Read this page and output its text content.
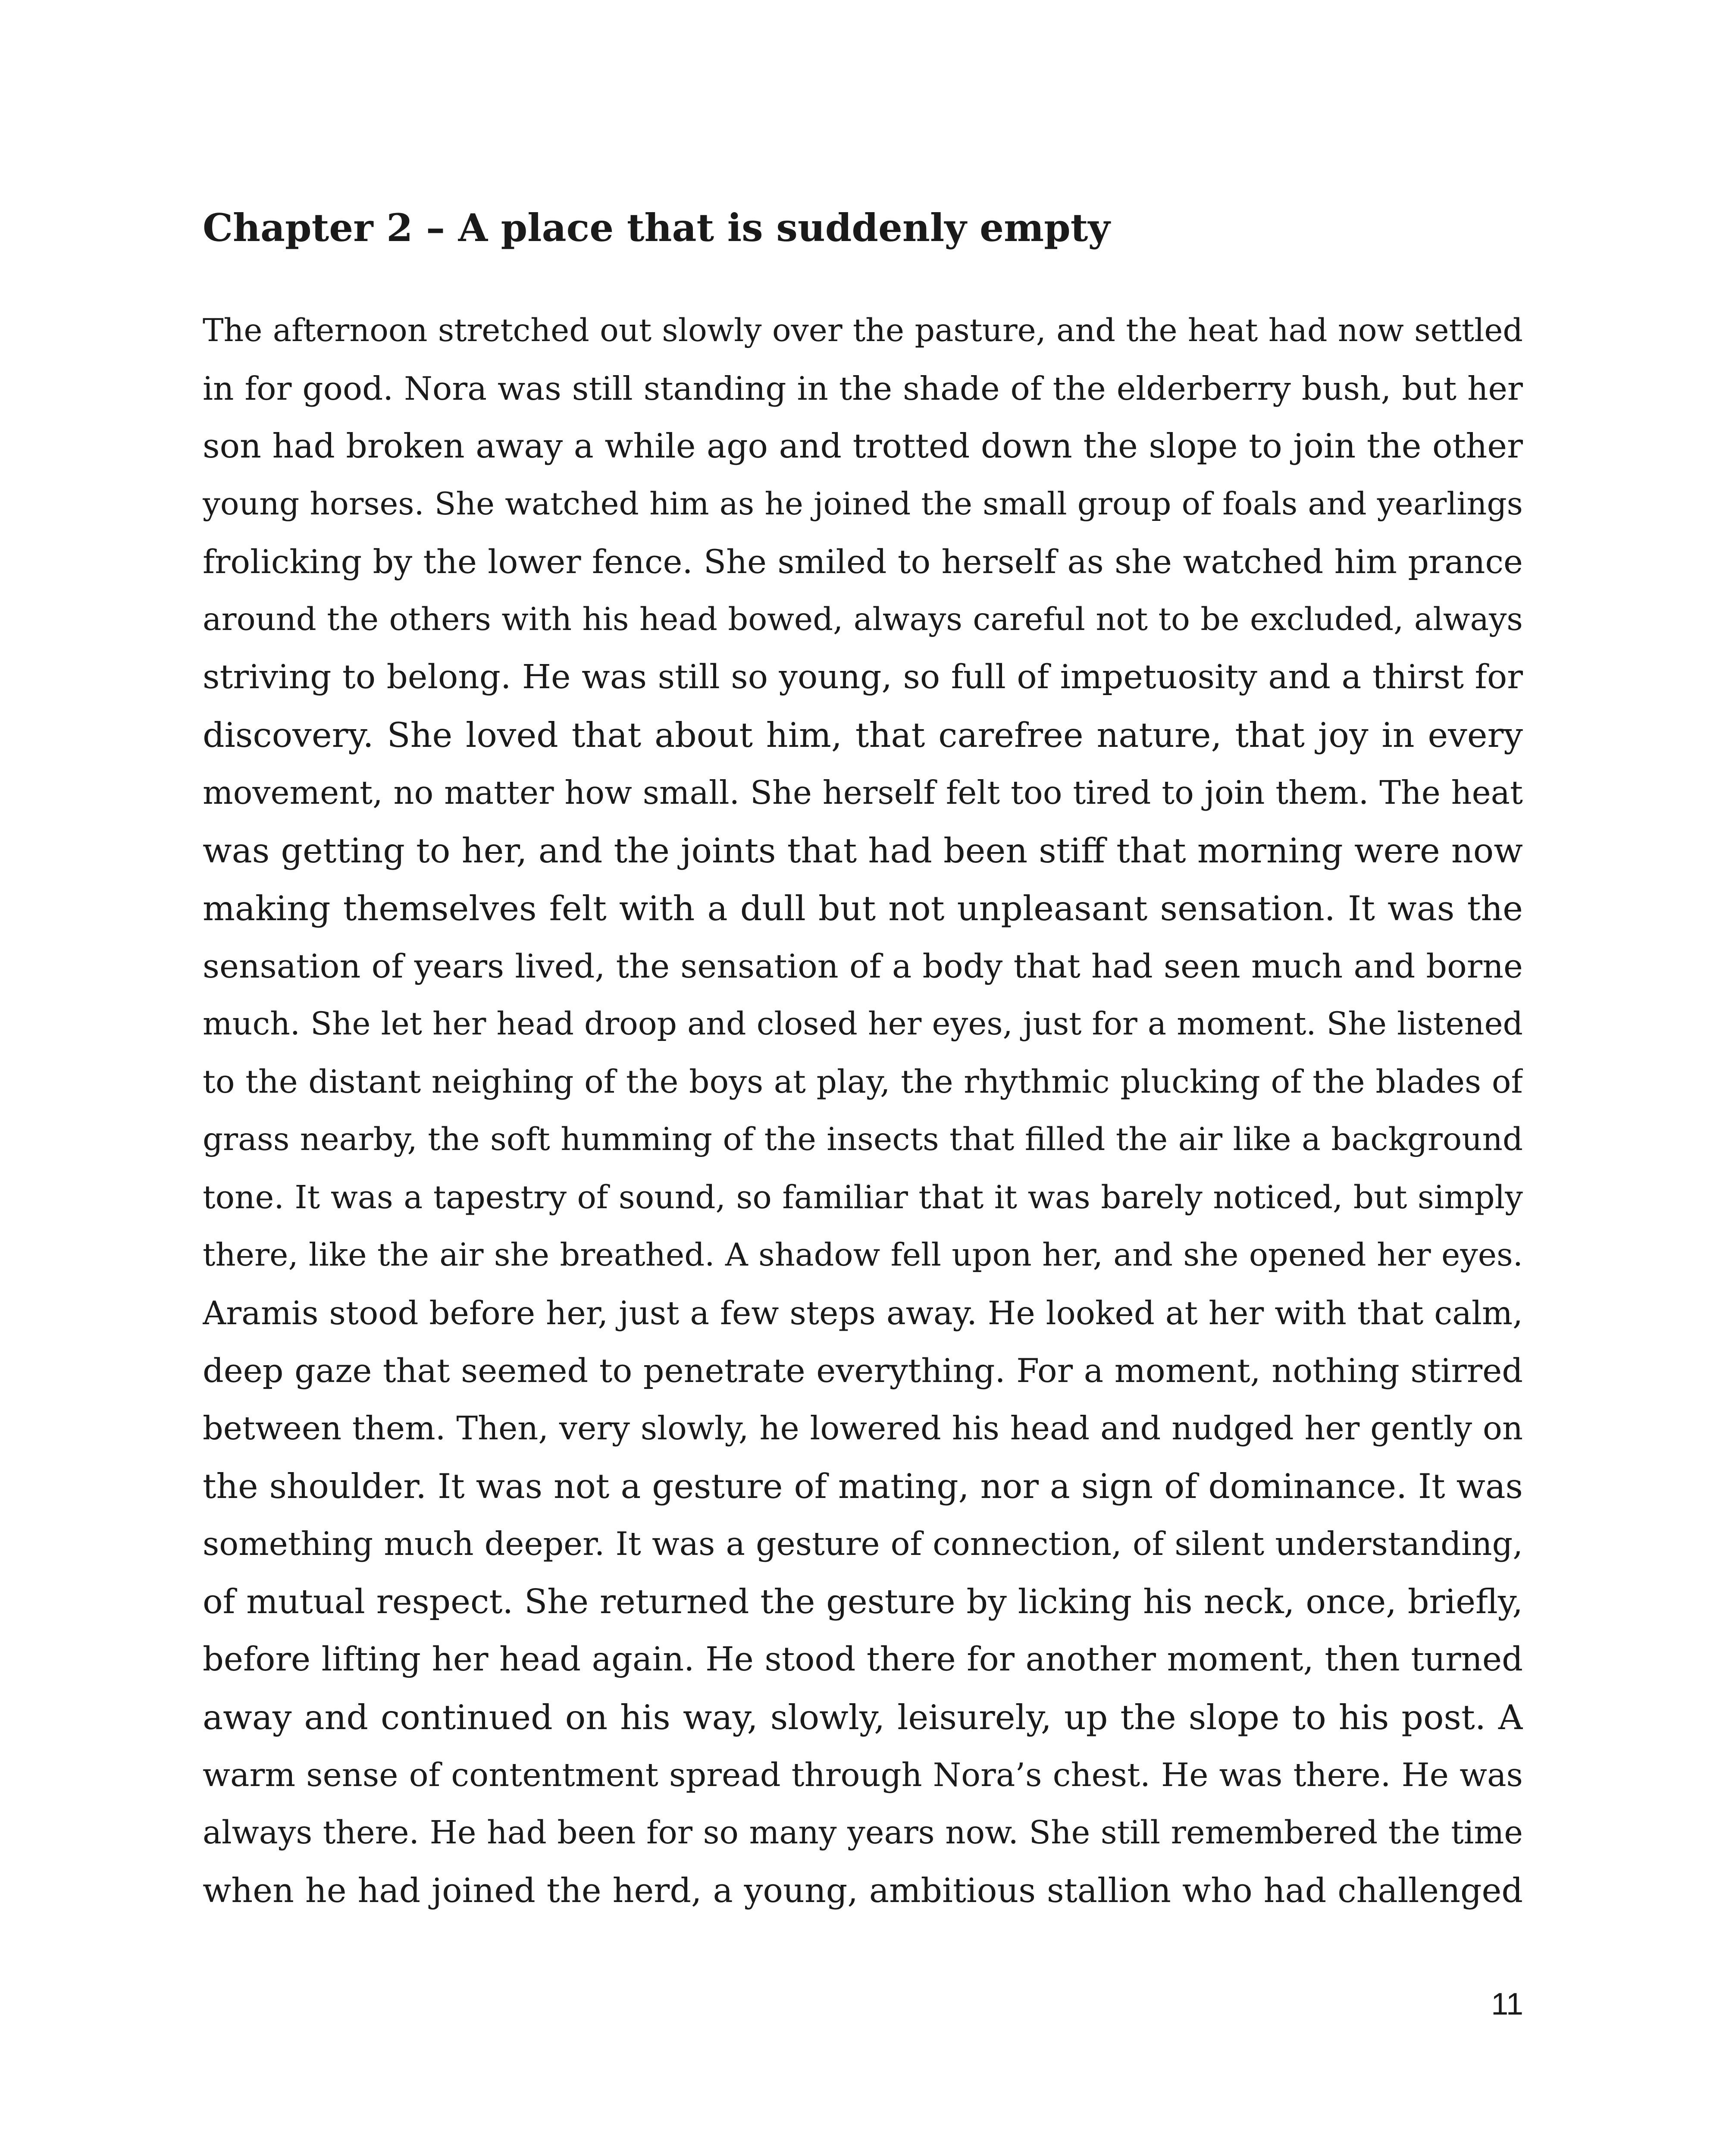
Chapter 2 – A place that is suddenly empty
The afternoon stretched out slowly over the pasture, and the heat had now settled
in for good. Nora was still standing in the shade of the elderberry bush, but her
son had broken away a while ago and trotted down the slope to join the other
young horses. She watched him as he joined the small group of foals and yearlings
frolicking by the lower fence. She smiled to herself as she watched him prance
around the others with his head bowed, always careful not to be excluded, always
striving to belong. He was still so young, so full of impetuosity and a thirst for
discovery. She loved that about him, that carefree nature, that joy in every
movement, no matter how small. She herself felt too tired to join them. The heat
was getting to her, and the joints that had been stiff that morning were now
making themselves felt with a dull but not unpleasant sensation. It was the
sensation of years lived, the sensation of a body that had seen much and borne
much. She let her head droop and closed her eyes, just for a moment. She listened
to the distant neighing of the boys at play, the rhythmic plucking of the blades of
grass nearby, the soft humming of the insects that filled the air like a background
tone. It was a tapestry of sound, so familiar that it was barely noticed, but simply
there, like the air she breathed. A shadow fell upon her, and she opened her eyes.
Aramis stood before her, just a few steps away. He looked at her with that calm,
deep gaze that seemed to penetrate everything. For a moment, nothing stirred
between them. Then, very slowly, he lowered his head and nudged her gently on
the shoulder. It was not a gesture of mating, nor a sign of dominance. It was
something much deeper. It was a gesture of connection, of silent understanding,
of mutual respect. She returned the gesture by licking his neck, once, briefly,
before lifting her head again. He stood there for another moment, then turned
away and continued on his way, slowly, leisurely, up the slope to his post. A
warm sense of contentment spread through Nora’s chest. He was there. He was
always there. He had been for so many years now. She still remembered the time
when he had joined the herd, a young, ambitious stallion who had challenged
11
